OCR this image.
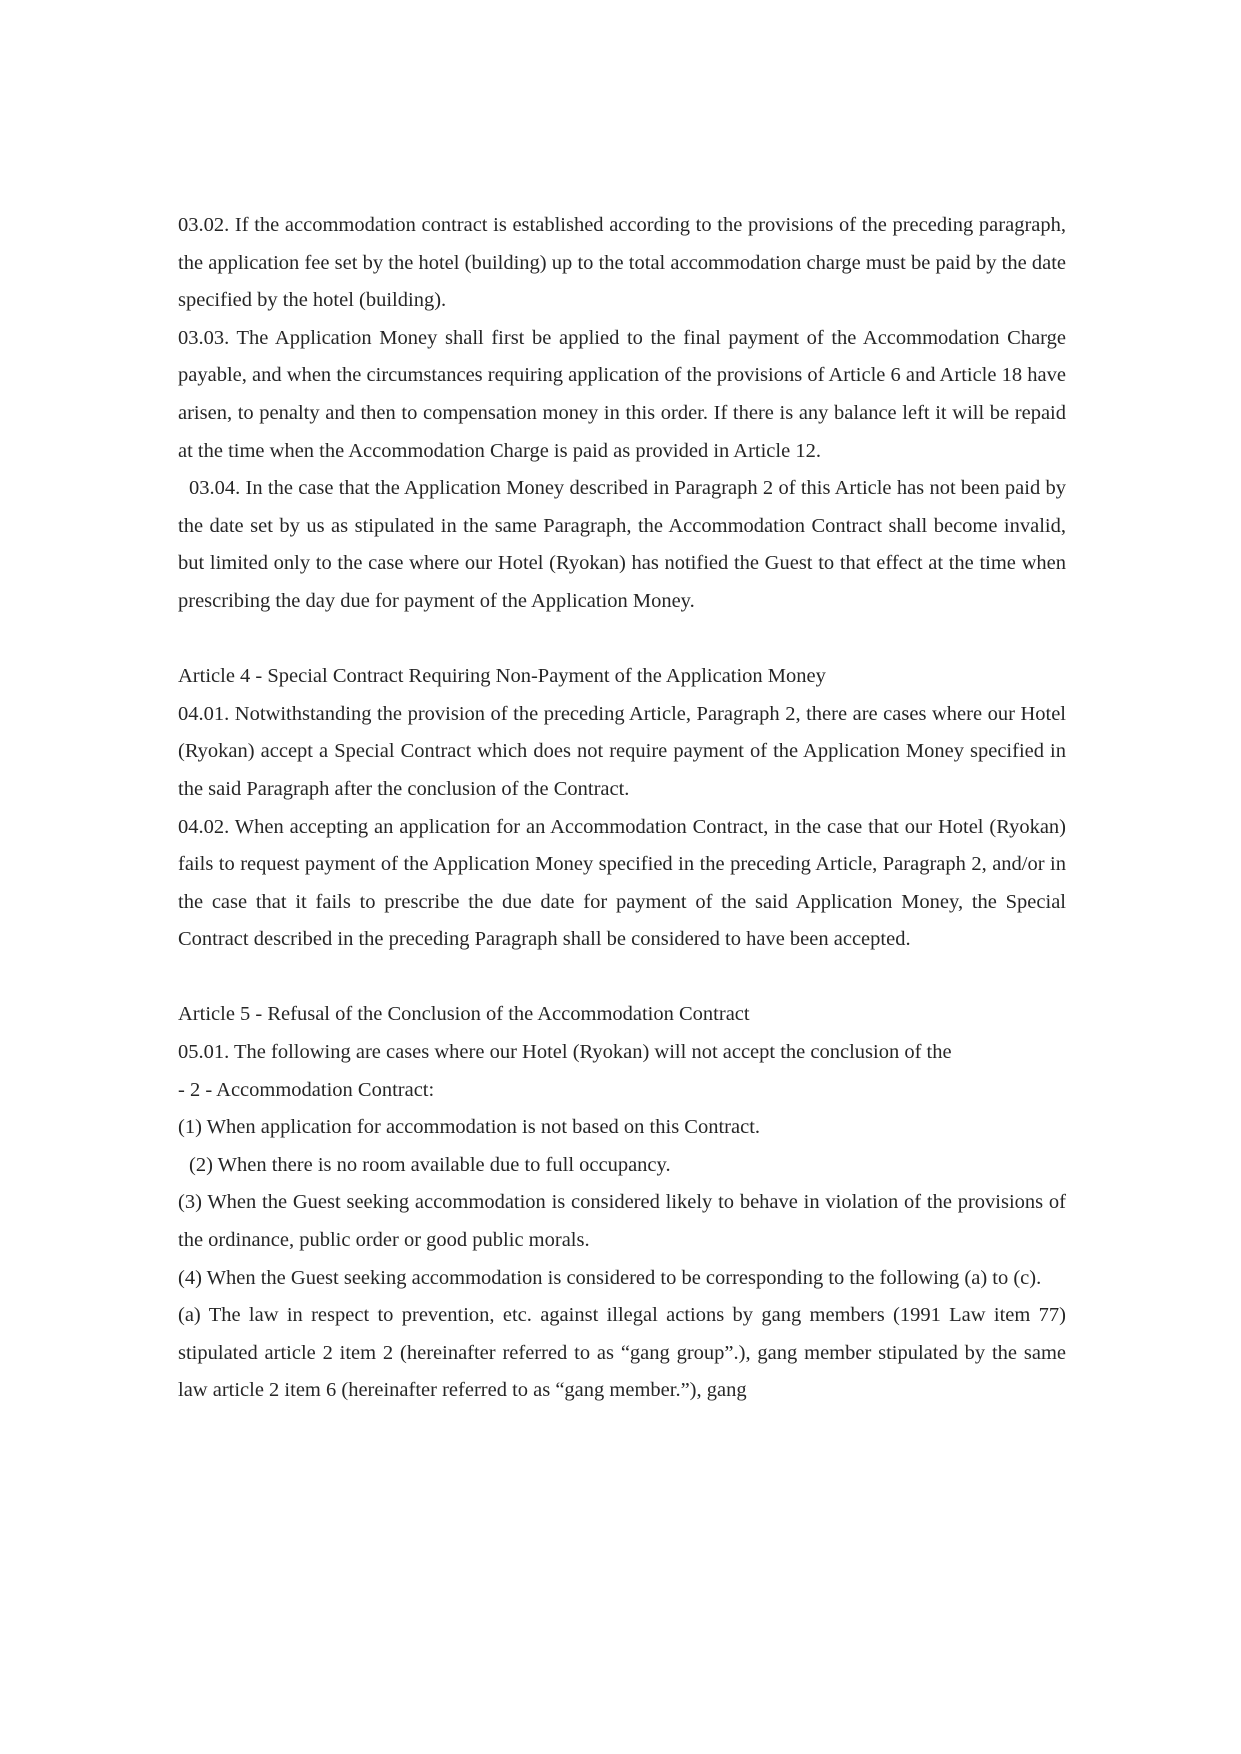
03.02. If the accommodation contract is established according to the provisions of the preceding paragraph, the application fee set by the hotel (building) up to the total accommodation charge must be paid by the date specified by the hotel (building).

03.03. The Application Money shall first be applied to the final payment of the Accommodation Charge payable, and when the circumstances requiring application of the provisions of Article 6 and Article 18 have arisen, to penalty and then to compensation money in this order. If there is any balance left it will be repaid at the time when the Accommodation Charge is paid as provided in Article 12.

03.04. In the case that the Application Money described in Paragraph 2 of this Article has not been paid by the date set by us as stipulated in the same Paragraph, the Accommodation Contract shall become invalid, but limited only to the case where our Hotel (Ryokan) has notified the Guest to that effect at the time when prescribing the day due for payment of the Application Money.

Article 4 - Special Contract Requiring Non-Payment of the Application Money

04.01. Notwithstanding the provision of the preceding Article, Paragraph 2, there are cases where our Hotel (Ryokan) accept a Special Contract which does not require payment of the Application Money specified in the said Paragraph after the conclusion of the Contract.

04.02. When accepting an application for an Accommodation Contract, in the case that our Hotel (Ryokan) fails to request payment of the Application Money specified in the preceding Article, Paragraph 2, and/or in the case that it fails to prescribe the due date for payment of the said Application Money, the Special Contract described in the preceding Paragraph shall be considered to have been accepted.

Article 5 - Refusal of the Conclusion of the Accommodation Contract

05.01. The following are cases where our Hotel (Ryokan) will not accept the conclusion of the

- 2 - Accommodation Contract:

(1) When application for accommodation is not based on this Contract.

(2) When there is no room available due to full occupancy.

(3) When the Guest seeking accommodation is considered likely to behave in violation of the provisions of the ordinance, public order or good public morals.

(4) When the Guest seeking accommodation is considered to be corresponding to the following (a) to (c).

(a) The law in respect to prevention, etc. against illegal actions by gang members (1991 Law item 77) stipulated article 2 item 2 (hereinafter referred to as “gang group”.), gang member stipulated by the same law article 2 item 6 (hereinafter referred to as “gang member.”), gang
